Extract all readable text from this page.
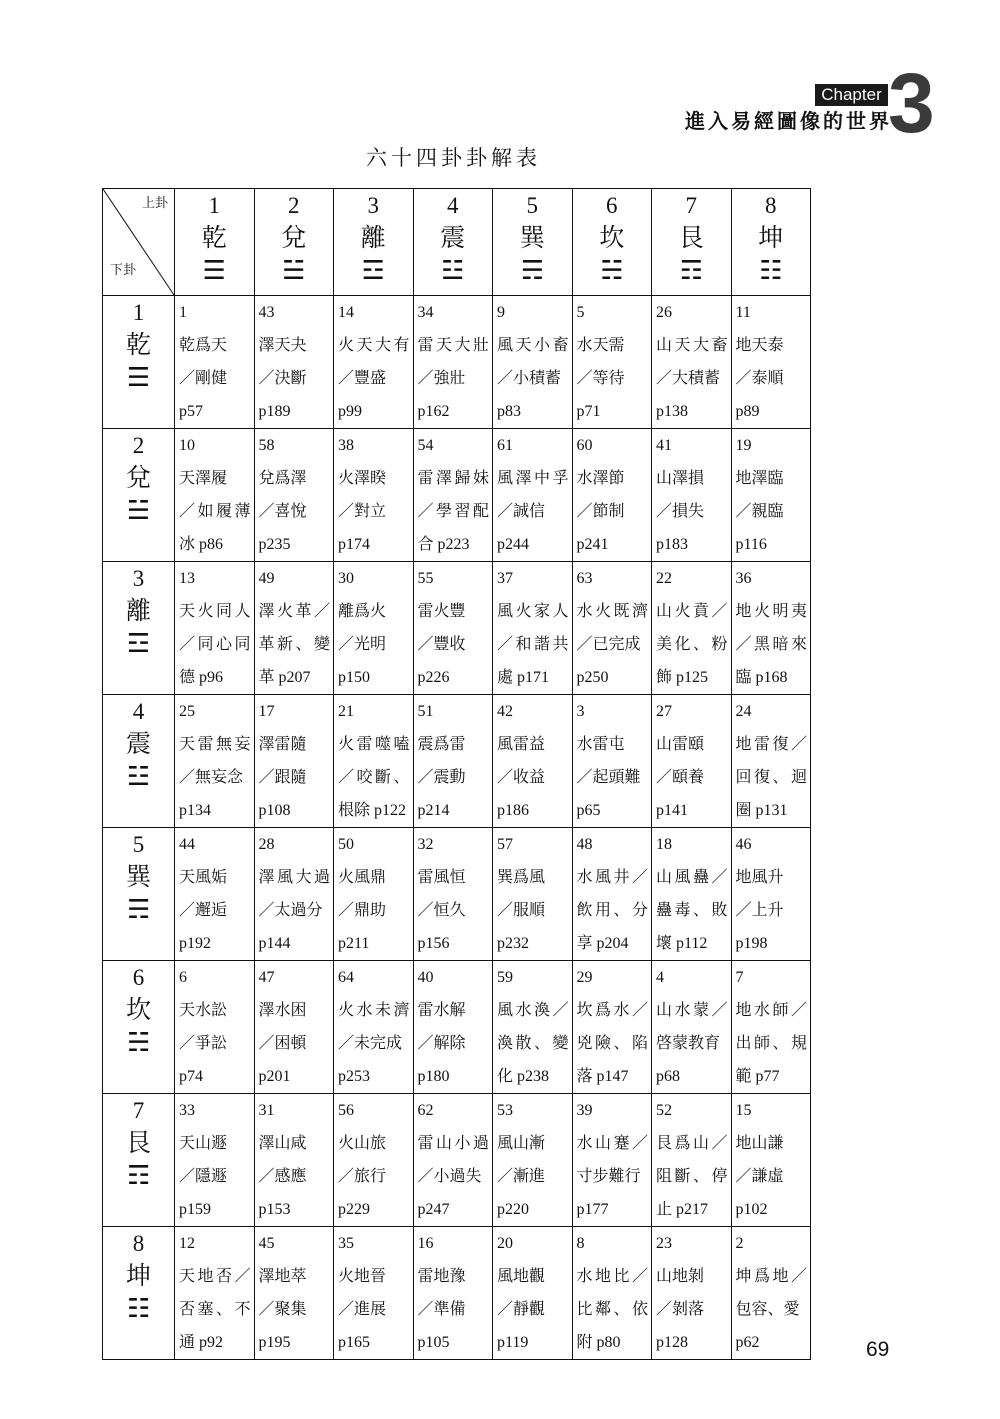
Chapter 3
進入易經圖像的世界
六十四卦卦解表
上卦
下卦	1
乾
☰	2
兌
☱	3
離
☲	4
震
☳	5
巽
☴	6
坎
☵	7
艮
☶	8
坤
☷

1
乾
☰	1
乾爲天
／剛健
p57	43
澤天夬
／決斷
p189	14
火天大有
／豐盛
p99	34
雷天大壯
／強壯
p162	9
風天小畜
／小積蓄
p83	5
水天需
／等待
p71	26
山天大畜
／大積蓄
p138	11
地天泰
／泰順
p89

2
兌
☱	10
天澤履
／如履薄
冰 p86	58
兌爲澤
／喜悅
p235	38
火澤睽
／對立
p174	54
雷澤歸妹
／學習配
合 p223	61
風澤中孚
／誠信
p244	60
水澤節
／節制
p241	41
山澤損
／損失
p183	19
地澤臨
／親臨
p116

3
離
☲	13
天火同人
／同心同
德 p96	49
澤火革／
革新、變
革 p207	30
離爲火
／光明
p150	55
雷火豐
／豐收
p226	37
風火家人
／和諧共
處 p171	63
水火既濟
／已完成
p250	22
山火賁／
美化、粉
飾 p125	36
地火明夷
／黑暗來
臨 p168

4
震
☳	25
天雷無妄
／無妄念
p134	17
澤雷隨
／跟隨
p108	21
火雷噬嗑
／咬斷、
根除 p122	51
震爲雷
／震動
p214	42
風雷益
／收益
p186	3
水雷屯
／起頭難
p65	27
山雷頤
／頤養
p141	24
地雷復／
回復、迴
圈 p131

5
巽
☴	44
天風姤
／邂逅
p192	28
澤風大過
／太過分
p144	50
火風鼎
／鼎助
p211	32
雷風恒
／恒久
p156	57
巽爲風
／服順
p232	48
水風井／
飲用、分
享 p204	18
山風蠱／
蠱毒、敗
壞 p112	46
地風升
／上升
p198

6
坎
☵	6
天水訟
／爭訟
p74	47
澤水困
／困頓
p201	64
火水未濟
／未完成
p253	40
雷水解
／解除
p180	59
風水渙／
渙散、變
化 p238	29
坎爲水／
兇險、陷
落 p147	4
山水蒙／
啓蒙教育
p68	7
地水師／
出師、規
範 p77

7
艮
☶	33
天山遯
／隱遯
p159	31
澤山咸
／感應
p153	56
火山旅
／旅行
p229	62
雷山小過
／小過失
p247	53
風山漸
／漸進
p220	39
水山蹇／
寸步難行
p177	52
艮爲山／
阻斷、停
止 p217	15
地山謙
／謙虛
p102

8
坤
☷	12
天地否／
否塞、不
通 p92	45
澤地萃
／聚集
p195	35
火地晉
／進展
p165	16
雷地豫
／準備
p105	20
風地觀
／靜觀
p119	8
水地比／
比鄰、依
附 p80	23
山地剝
／剝落
p128	2
坤爲地／
包容、愛
p62	69
